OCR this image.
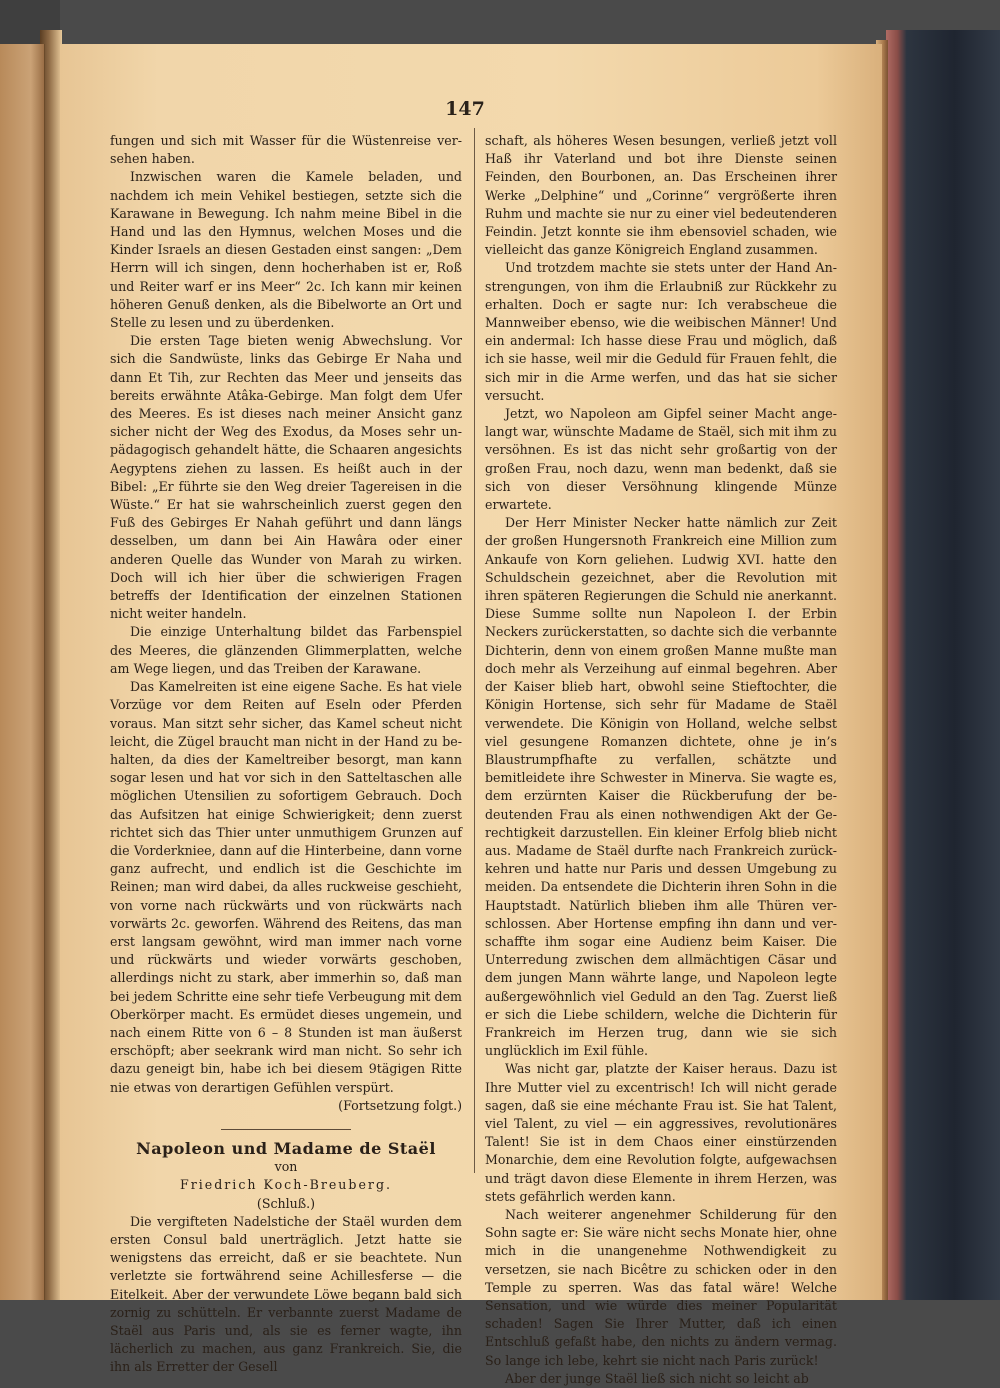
147

fungen und sich mit Wasser für die Wüstenreise versehen haben.

Inzwischen waren die Kamele beladen, und nachdem ich mein Vehikel bestiegen, setzte sich die Karawane in Bewegung. Ich nahm meine Bibel in die Hand und las den Hymnus, welchen Moses und die Kinder Israels an diesen Gestaden einst sangen: „Dem Herrn will ich singen, denn hocherhaben ist er, Roß und Reiter warf er ins Meer“ 2c. Ich kann mir keinen höheren Genuß denken, als die Bibelworte an Ort und Stelle zu lesen und zu überdenken.

Die ersten Tage bieten wenig Abwechslung. Vor sich die Sandwüste, links das Gebirge Er Naha und dann Et Tih, zur Rechten das Meer und jenseits das bereits erwähnte Atâka-Gebirge. Man folgt dem Ufer des Meeres. Es ist dieses nach meiner Ansicht ganz sicher nicht der Weg des Exodus, da Moses sehr unpädagogisch gehandelt hätte, die Schaaren angesichts Aegyptens ziehen zu lassen. Es heißt auch in der Bibel: „Er führte sie den Weg dreier Tagereisen in die Wüste.“ Er hat sie wahrscheinlich zuerst gegen den Fuß des Gebirges Er Nahah geführt und dann längs desselben, um dann bei Ain Hawâra oder einer anderen Quelle das Wunder von Marah zu wirken. Doch will ich hier über die schwierigen Fragen betreffs der Identification der einzelnen Stationen nicht weiter handeln.

Die einzige Unterhaltung bildet das Farbenspiel des Meeres, die glänzenden Glimmerplatten, welche am Wege liegen, und das Treiben der Karawane.

Das Kamelreiten ist eine eigene Sache. Es hat viele Vorzüge vor dem Reiten auf Eseln oder Pferden voraus. Man sitzt sehr sicher, das Kamel scheut nicht leicht, die Zügel braucht man nicht in der Hand zu behalten, da dies der Kameltreiber besorgt, man kann sogar lesen und hat vor sich in den Satteltaschen alle möglichen Utensilien zu sofortigem Gebrauch. Doch das Aufsitzen hat einige Schwierigkeit; denn zuerst richtet sich das Thier unter unmuthigem Grunzen auf die Vorderkniee, dann auf die Hinterbeine, dann vorne ganz aufrecht, und endlich ist die Geschichte im Reinen; man wird dabei, da alles ruckweise geschieht, von vorne nach rückwärts und von rückwärts nach vorwärts 2c. geworfen. Während des Reitens, das man erst langsam gewöhnt, wird man immer nach vorne und rückwärts und wieder vorwärts geschoben, allerdings nicht zu stark, aber immerhin so, daß man bei jedem Schritte eine sehr tiefe Verbeugung mit dem Oberkörper macht. Es ermüdet dieses ungemein, und nach einem Ritte von 6 – 8 Stunden ist man äußerst erschöpft; aber seekrank wird man nicht. So sehr ich dazu geneigt bin, habe ich bei diesem 9tägigen Ritte nie etwas von derartigen Gefühlen verspürt.

(Fortsetzung folgt.)

Napoleon und Madame de Staël

von

Friedrich Koch-Breuberg.

(Schluß.)

Die vergifteten Nadelstiche der Staël wurden dem ersten Consul bald unerträglich. Jetzt hatte sie wenigstens das erreicht, daß er sie beachtete. Nun verletzte sie fortwährend seine Achillesferse — die Eitelkeit. Aber der verwundete Löwe begann bald sich zornig zu schütteln. Er verbannte zuerst Madame de Staël aus Paris und, als sie es ferner wagte, ihn lächerlich zu machen, aus ganz Frankreich. Sie, die ihn als Erretter der Gesell

schaft, als höheres Wesen besungen, verließ jetzt voll Haß ihr Vaterland und bot ihre Dienste seinen Feinden, den Bourbonen, an. Das Erscheinen ihrer Werke „Delphine“ und „Corinne“ vergrößerte ihren Ruhm und machte sie nur zu einer viel bedeutenderen Feindin. Jetzt konnte sie ihm ebensoviel schaden, wie vielleicht das ganze Königreich England zusammen.

Und trotzdem machte sie stets unter der Hand Anstrengungen, von ihm die Erlaubniß zur Rückkehr zu erhalten. Doch er sagte nur: Ich verabscheue die Mannweiber ebenso, wie die weibischen Männer! Und ein andermal: Ich hasse diese Frau und möglich, daß ich sie hasse, weil mir die Geduld für Frauen fehlt, die sich mir in die Arme werfen, und das hat sie sicher versucht.

Jetzt, wo Napoleon am Gipfel seiner Macht angelangt war, wünschte Madame de Staël, sich mit ihm zu versöhnen. Es ist das nicht sehr großartig von der großen Frau, noch dazu, wenn man bedenkt, daß sie sich von dieser Versöhnung klingende Münze erwartete.

Der Herr Minister Necker hatte nämlich zur Zeit der großen Hungersnoth Frankreich eine Million zum Ankaufe von Korn geliehen. Ludwig XVI. hatte den Schuldschein gezeichnet, aber die Revolution mit ihren späteren Regierungen die Schuld nie anerkannt. Diese Summe sollte nun Napoleon I. der Erbin Neckers zurückerstatten, so dachte sich die verbannte Dichterin, denn von einem großen Manne mußte man doch mehr als Verzeihung auf einmal begehren. Aber der Kaiser blieb hart, obwohl seine Stieftochter, die Königin Hortense, sich sehr für Madame de Staël verwendete. Die Königin von Holland, welche selbst viel gesungene Romanzen dichtete, ohne je in’s Blaustrumpfhafte zu verfallen, schätzte und bemitleidete ihre Schwester in Minerva. Sie wagte es, dem erzürnten Kaiser die Rückberufung der bedeutenden Frau als einen nothwendigen Akt der Gerechtigkeit darzustellen. Ein kleiner Erfolg blieb nicht aus. Madame de Staël durfte nach Frankreich zurückkehren und hatte nur Paris und dessen Umgebung zu meiden. Da entsendete die Dichterin ihren Sohn in die Hauptstadt. Natürlich blieben ihm alle Thüren verschlossen. Aber Hortense empfing ihn dann und verschaffte ihm sogar eine Audienz beim Kaiser. Die Unterredung zwischen dem allmächtigen Cäsar und dem jungen Mann währte lange, und Napoleon legte außergewöhnlich viel Geduld an den Tag. Zuerst ließ er sich die Liebe schildern, welche die Dichterin für Frankreich im Herzen trug, dann wie sie sich unglücklich im Exil fühle.

Was nicht gar, platzte der Kaiser heraus. Dazu ist Ihre Mutter viel zu excentrisch! Ich will nicht gerade sagen, daß sie eine méchante Frau ist. Sie hat Talent, viel Talent, zu viel — ein aggressives, revolutionäres Talent! Sie ist in dem Chaos einer einstürzenden Monarchie, dem eine Revolution folgte, aufgewachsen und trägt davon diese Elemente in ihrem Herzen, was stets gefährlich werden kann.

Nach weiterer angenehmer Schilderung für den Sohn sagte er: Sie wäre nicht sechs Monate hier, ohne mich in die unangenehme Nothwendigkeit zu versetzen, sie nach Bicêtre zu schicken oder in den Temple zu sperren. Was das fatal wäre! Welche Sensation, und wie würde dies meiner Popularität schaden! Sagen Sie Ihrer Mutter, daß ich einen Entschluß gefaßt habe, den nichts zu ändern vermag. So lange ich lebe, kehrt sie nicht nach Paris zurück!

Aber der junge Staël ließ sich nicht so leicht ab
